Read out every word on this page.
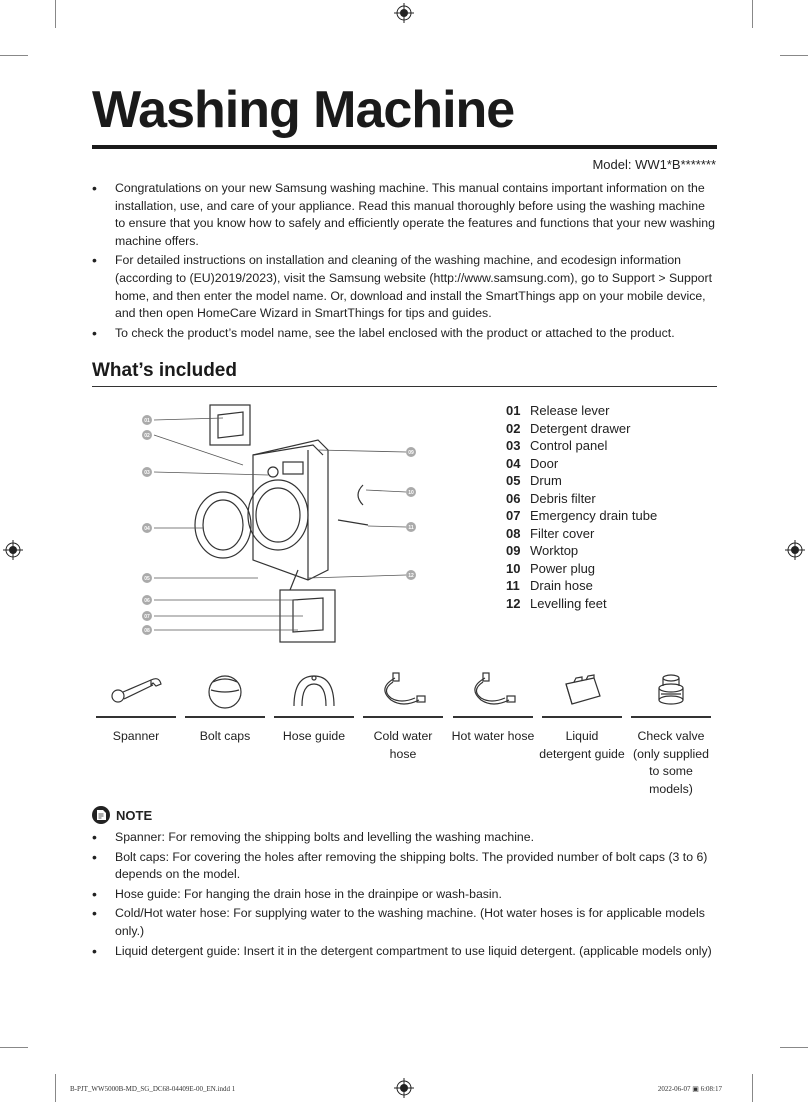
Washing Machine
Model: WW1*B*******
• Congratulations on your new Samsung washing machine. This manual contains important information on the installation, use, and care of your appliance. Read this manual thoroughly before using the washing machine to ensure that you know how to safely and efficiently operate the features and functions that your new washing machine offers.
• For detailed instructions on installation and cleaning of the washing machine, and ecodesign information (according to (EU)2019/2023), visit the Samsung website (http://www.samsung.com), go to Support > Support home, and then enter the model name. Or, download and install the SmartThings app on your mobile device, and then open HomeCare Wizard in SmartThings for tips and guides.
• To check the product’s model name, see the label enclosed with the product or attached to the product.
What’s included
01
02
03
04
05
06
07
08
09
10
11
12
01 Release lever
02 Detergent drawer
03 Control panel
04 Door
05 Drum
06 Debris filter
07 Emergency drain tube
08 Filter cover
09 Worktop
10 Power plug
11 Drain hose
12 Levelling feet
Spanner	Bolt caps	Hose guide	Cold water hose
Hot water hose	Liquid detergent guide
Check valve (only supplied to some models)
NOTE
• Spanner: For removing the shipping bolts and levelling the washing machine.
• Bolt caps: For covering the holes after removing the shipping bolts. The provided number of bolt caps (3 to 6) depends on the model.
• Hose guide: For hanging the drain hose in the drainpipe or wash-basin.
• Cold/Hot water hose: For supplying water to the washing machine. (Hot water hoses is for applicable models only.)
• Liquid detergent guide: Insert it in the detergent compartment to use liquid detergent. (applicable models only)
B-PJT_WW5000B-MD_SG_DC68-04409E-00_EN.indd 1	2022-06-07 ▣ 6:08:17
